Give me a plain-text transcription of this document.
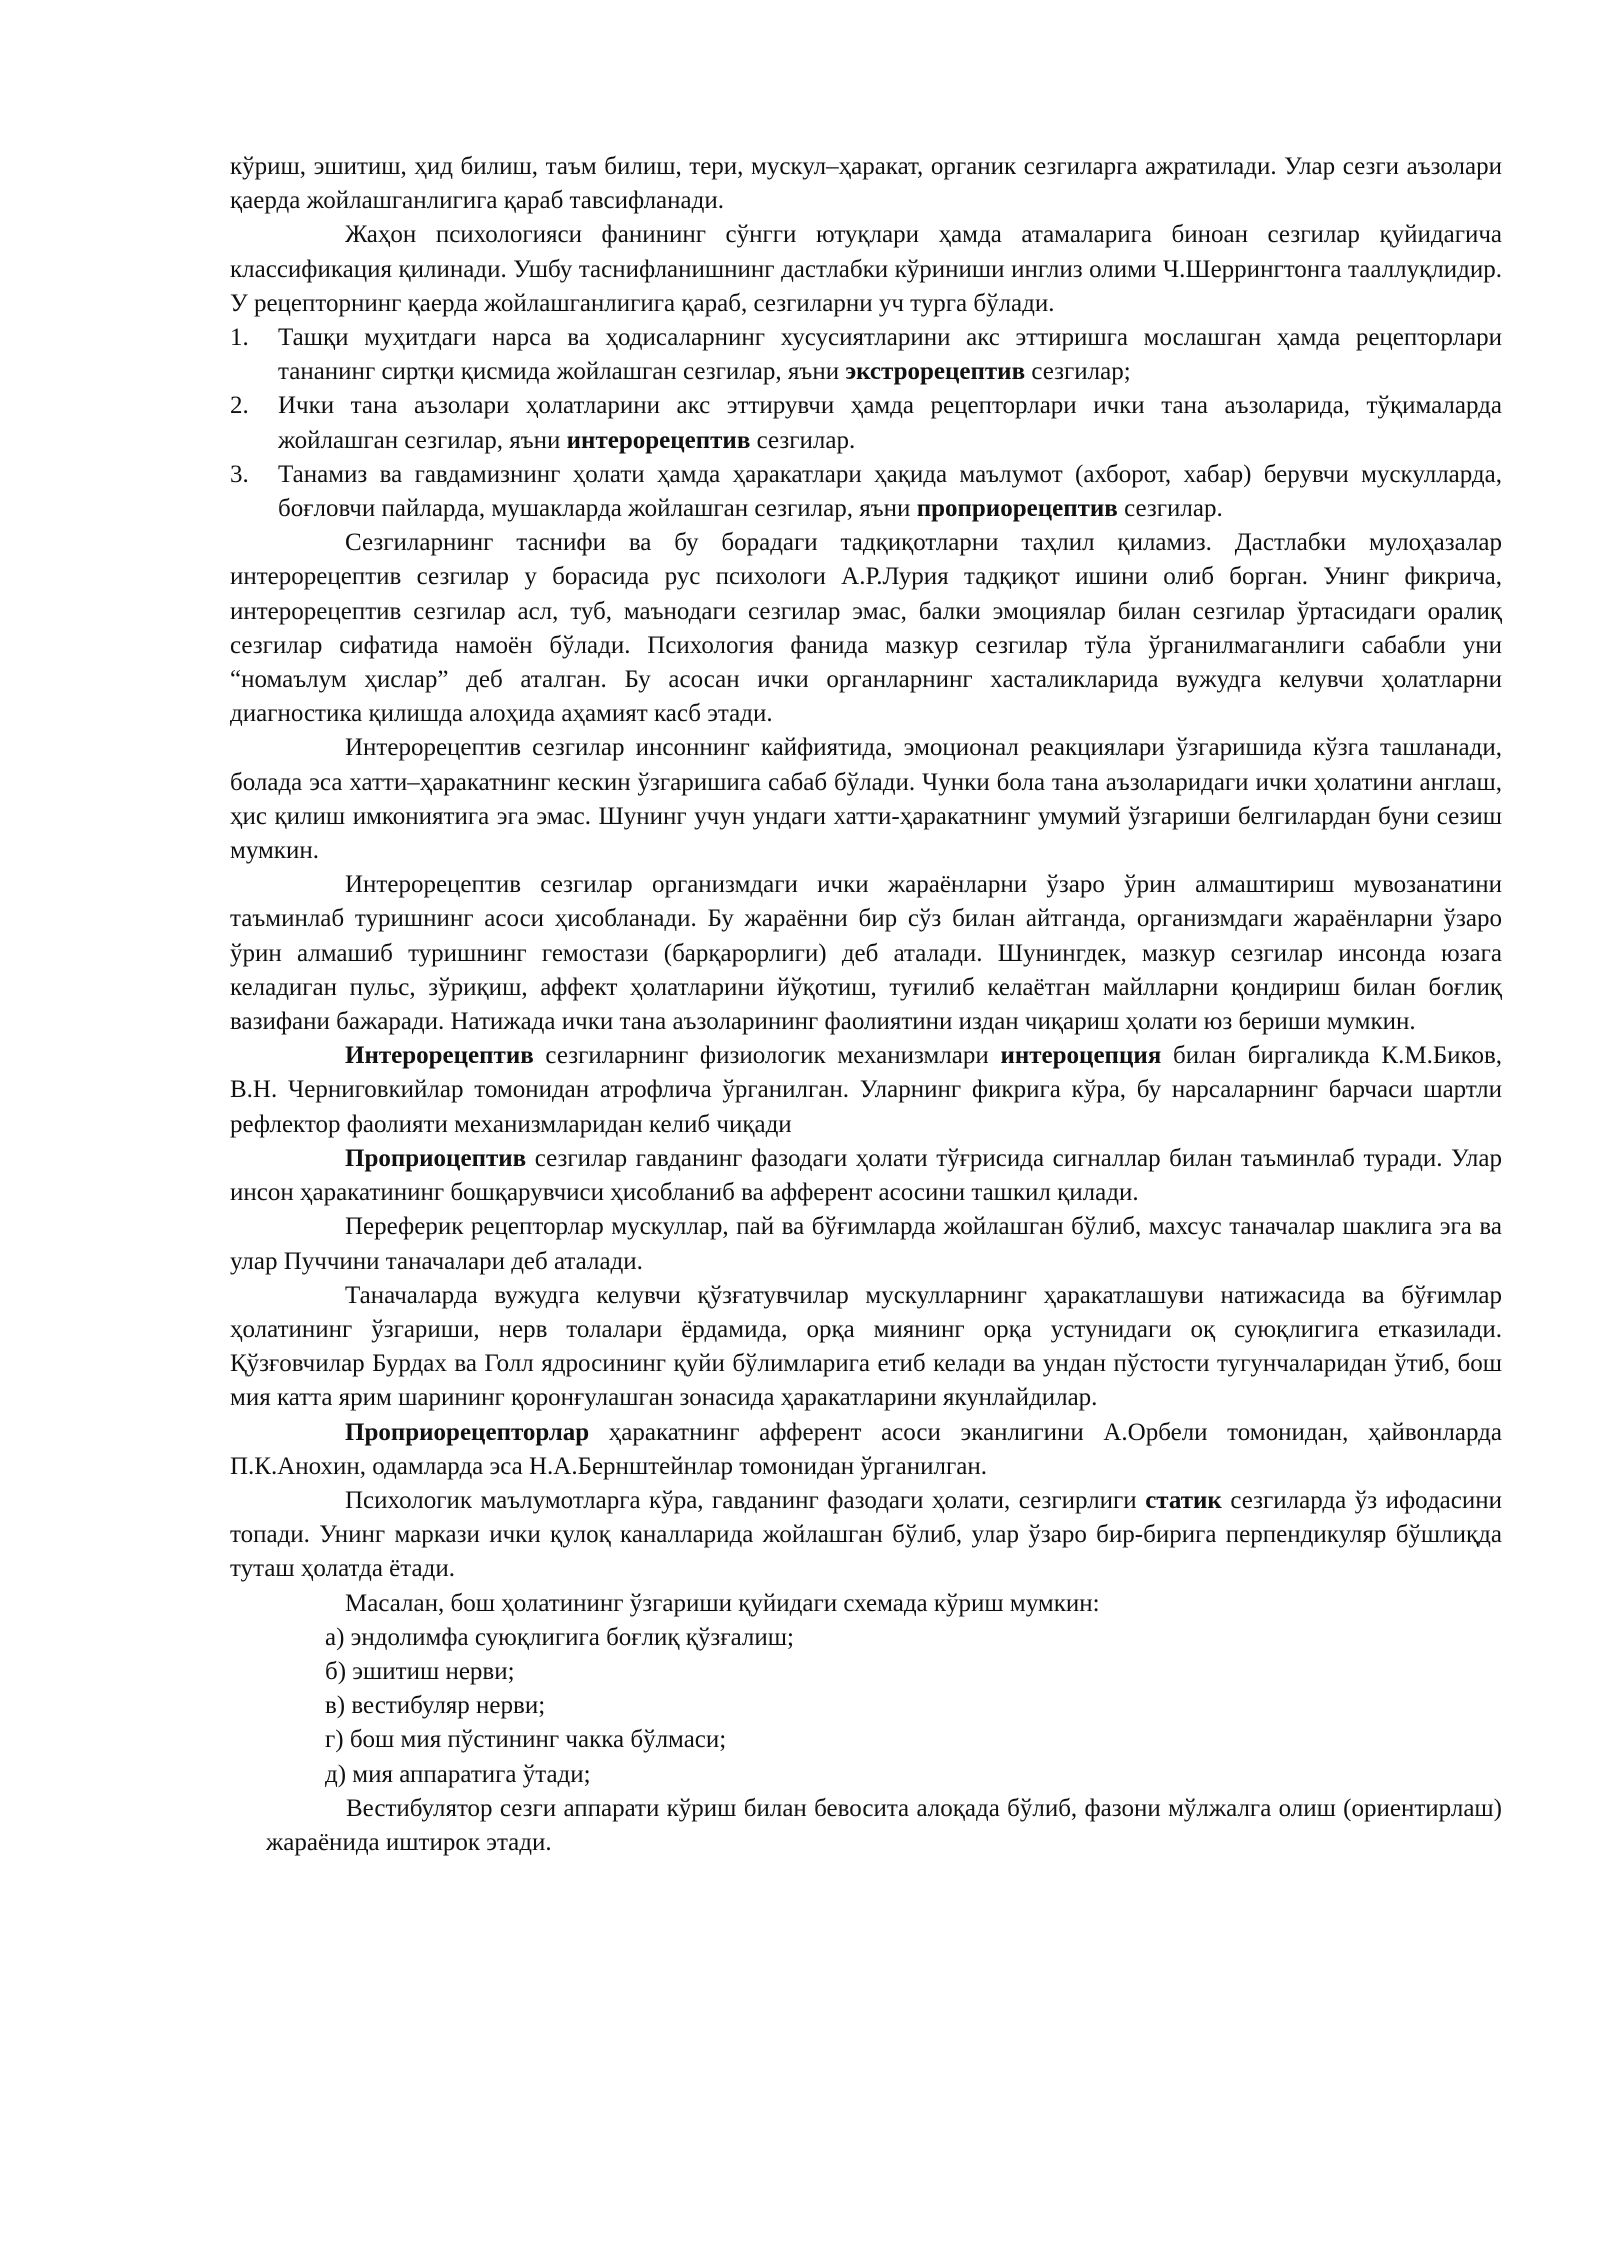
кўриш, эшитиш, ҳид билиш, таъм билиш, тери, мускул–ҳаракат, органик сезгиларга ажратилади. Улар сезги аъзолари қаерда жойлашганлигига қараб тавсифланади.

Жаҳон психологияси фанининг сўнгги ютуқлари ҳамда атамаларига биноан сезгилар қуйидагича классификация қилинади. Ушбу таснифланишнинг дастлабки кўриниши инглиз олими Ч.Шеррингтонга тааллуқлидир. У рецепторнинг қаерда жойлашганлигига қараб, сезгиларни уч турга бўлади.

1. Ташқи муҳитдаги нарса ва ҳодисаларнинг хусусиятларини акс эттиришга мослашган ҳамда рецепторлари тананинг сиртқи қисмида жойлашган сезгилар, яъни экстрорецептив сезгилар;
2. Ички тана аъзолари ҳолатларини акс эттирувчи ҳамда рецепторлари ички тана аъзоларида, тўқималарда жойлашган сезгилар, яъни интерорецептив сезгилар.
3. Танамиз ва гавдамизнинг ҳолати ҳамда ҳаракатлари ҳақида маълумот (ахборот, хабар) берувчи мускулларда, боғловчи пайларда, мушакларда жойлашган сезгилар, яъни проприорецептив сезгилар.

Сезгиларнинг таснифи ва бу борадаги тадқиқотларни таҳлил қиламиз. Дастлабки мулоҳазалар интерорецептив сезгилар у борасида рус психологи А.Р.Лурия тадқиқот ишини олиб борган. Унинг фикрича, интерорецептив сезгилар асл, туб, маънодаги сезгилар эмас, балки эмоциялар билан сезгилар ўртасидаги оралиқ сезгилар сифатида намоён бўлади. Психология фанида мазкур сезгилар тўла ўрганилмаганлиги сабабли уни “номаълум ҳислар” деб аталган. Бу асосан ички органларнинг хасталикларида вужудга келувчи ҳолатларни диагностика қилишда алоҳида аҳамият касб этади.

Интерорецептив сезгилар инсоннинг кайфиятида, эмоционал реакциялари ўзгаришида кўзга ташланади, болада эса хатти–ҳаракатнинг кескин ўзгаришига сабаб бўлади. Чунки бола тана аъзоларидаги ички ҳолатини англаш, ҳис қилиш имкониятига эга эмас. Шунинг учун ундаги хатти-ҳаракатнинг умумий ўзгариши белгилардан буни сезиш мумкин.

Интерорецептив сезгилар организмдаги ички жараёнларни ўзаро ўрин алмаштириш мувозанатини таъминлаб туришнинг асоси ҳисобланади. Бу жараённи бир сўз билан айтганда, организмдаги жараёнларни ўзаро ўрин алмашиб туришнинг гемостази (барқарорлиги) деб аталади. Шунингдек, мазкур сезгилар инсонда юзага келадиган пульс, зўриқиш, аффект ҳолатларини йўқотиш, туғилиб келаётган майлларни қондириш билан боғлиқ вазифани бажаради. Натижада ички тана аъзоларининг фаолиятини издан чиқариш ҳолати юз бериши мумкин.

Интерорецептив сезгиларнинг физиологик механизмлари интероцепция билан биргаликда К.М.Биков, В.Н. Черниговкийлар томонидан атрофлича ўрганилган. Уларнинг фикрига кўра, бу нарсаларнинг барчаси шартли рефлектор фаолияти механизмларидан келиб чиқади

Проприоцептив сезгилар гавданинг фазодаги ҳолати тўғрисида сигналлар билан таъминлаб туради. Улар инсон ҳаракатининг бошқарувчиси ҳисобланиб ва афферент асосини ташкил қилади.

Переферик рецепторлар мускуллар, пай ва бўғимларда жойлашган бўлиб, махсус таначалар шаклига эга ва улар Пуччини таначалари деб аталади.

Таначаларда вужудга келувчи қўзғатувчилар мускулларнинг ҳаракатлашуви натижасида ва бўғимлар ҳолатининг ўзгариши, нерв толалари ёрдамида, орқа миянинг орқа устунидаги оқ суюқлигига етказилади. Қўзғовчилар Бурдах ва Голл ядросининг қуйи бўлимларига етиб келади ва ундан пўстости тугунчаларидан ўтиб, бош мия катта ярим шарининг қоронғулашган зонасида ҳаракатларини якунлайдилар.

Проприорецепторлар ҳаракатнинг афферент асоси эканлигини А.Орбели томонидан, ҳайвонларда П.К.Анохин, одамларда эса Н.А.Бернштейнлар томонидан ўрганилган.

Психологик маълумотларга кўра, гавданинг фазодаги ҳолати, сезгирлиги статик сезгиларда ўз ифодасини топади. Унинг маркази ички қулоқ каналларида жойлашган бўлиб, улар ўзаро бир-бирига перпендикуляр бўшлиқда туташ ҳолатда ётади.

Масалан, бош ҳолатининг ўзгариши қуйидаги схемада кўриш мумкин:

а) эндолимфа суюқлигига боғлиқ қўзғалиш;

б) эшитиш нерви;

в) вестибуляр нерви;

г) бош мия пўстининг чакка бўлмаси;

д) мия аппаратига ўтади;

Вестибулятор сезги аппарати кўриш билан бевосита алоқада бўлиб, фазони мўлжалга олиш (ориентирлаш) жараёнида иштирок этади.
